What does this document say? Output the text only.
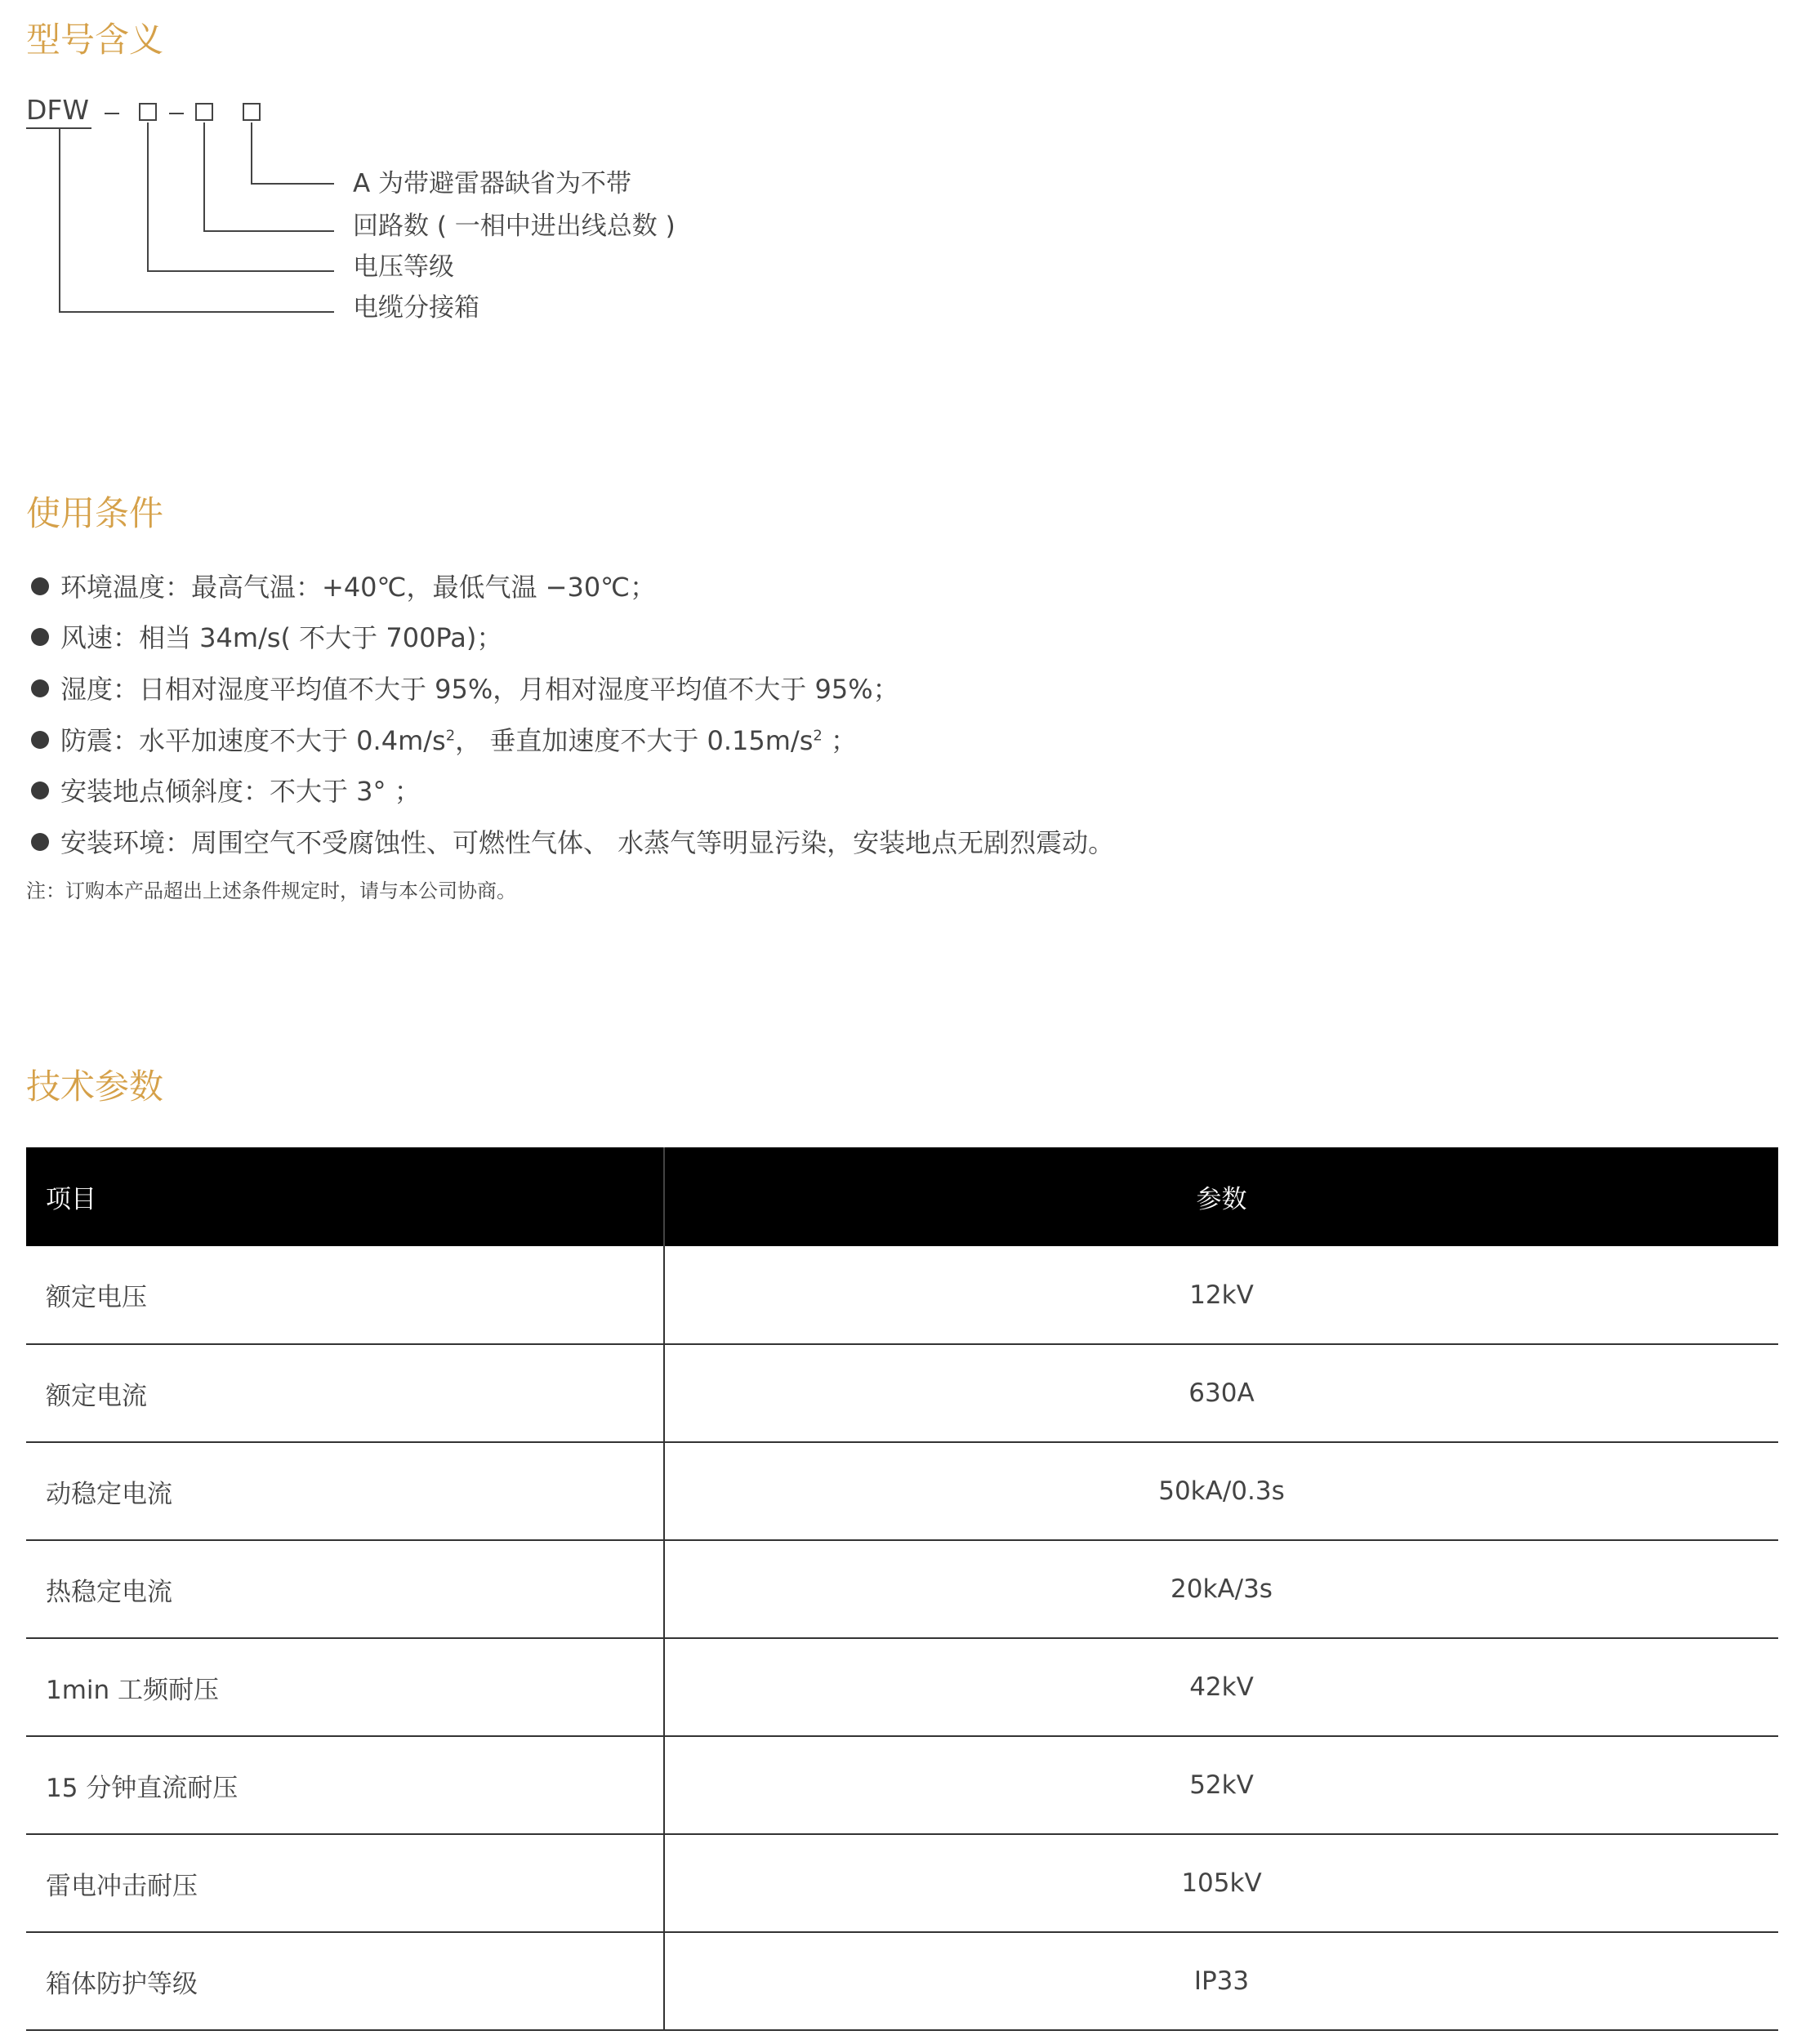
型号含义
DFW
A 为带避雷器缺省为不带
回路数 ( 一相中进出线总数 )
电压等级
电缆分接箱
使用条件
环境温度：最高气温：+40℃，最低气温 −30℃；
风速：相当 34m/s( 不大于 700Pa)；
湿度：日相对湿度平均值不大于 95%，月相对湿度平均值不大于 95%；
防震：水平加速度不大于 $0.4m/s^2$， 垂直加速度不大于 $0.15m/s^2$ ；
安装地点倾斜度：不大于 3° ；
安装环境：周围空气不受腐蚀性、可燃性气体、 水蒸气等明显污染，安装地点无剧烈震动。
注：订购本产品超出上述条件规定时，请与本公司协商。
技术参数
项目	参数
额定电压	12kV
额定电流	630A
动稳定电流	50kA/0.3s
热稳定电流	20kA/3s
1min 工频耐压	42kV
15 分钟直流耐压	52kV
雷电冲击耐压	105kV
箱体防护等级	IP33
